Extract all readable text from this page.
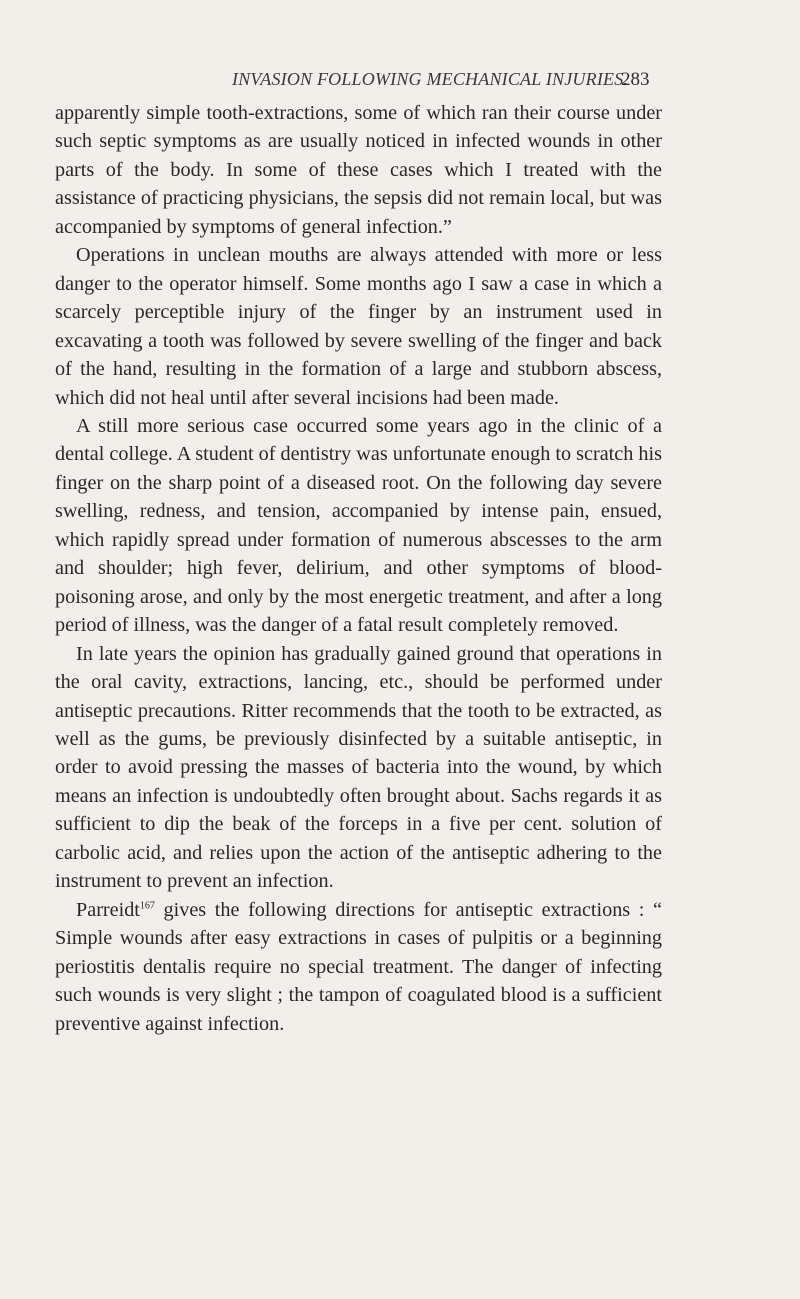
INVASION FOLLOWING MECHANICAL INJURIES.
283

apparently simple tooth-extractions, some of which ran their course under such septic symptoms as are usually noticed in infected wounds in other parts of the body. In some of these cases which I treated with the assistance of practicing physicians, the sepsis did not remain local, but was accompanied by symptoms of general infection.”

Operations in unclean mouths are always attended with more or less danger to the operator himself. Some months ago I saw a case in which a scarcely perceptible injury of the finger by an instrument used in excavating a tooth was followed by severe swelling of the finger and back of the hand, resulting in the formation of a large and stubborn abscess, which did not heal until after several incisions had been made.

A still more serious case occurred some years ago in the clinic of a dental college. A student of dentistry was unfortunate enough to scratch his finger on the sharp point of a diseased root. On the following day severe swelling, redness, and tension, accompanied by intense pain, ensued, which rapidly spread under formation of numerous abscesses to the arm and shoulder; high fever, delirium, and other symptoms of blood-poisoning arose, and only by the most energetic treatment, and after a long period of illness, was the danger of a fatal result completely removed.

In late years the opinion has gradually gained ground that operations in the oral cavity, extractions, lancing, etc., should be performed under antiseptic precautions. Ritter recommends that the tooth to be extracted, as well as the gums, be previously disinfected by a suitable antiseptic, in order to avoid pressing the masses of bacteria into the wound, by which means an infection is undoubtedly often brought about. Sachs regards it as sufficient to dip the beak of the forceps in a five per cent. solution of carbolic acid, and relies upon the action of the antiseptic adhering to the instrument to prevent an infection.

Parreidt$^{167}$ gives the following directions for antiseptic extractions : “ Simple wounds after easy extractions in cases of pulpitis or a beginning periostitis dentalis require no special treatment. The danger of infecting such wounds is very slight ; the tampon of coagulated blood is a sufficient preventive against infection.
